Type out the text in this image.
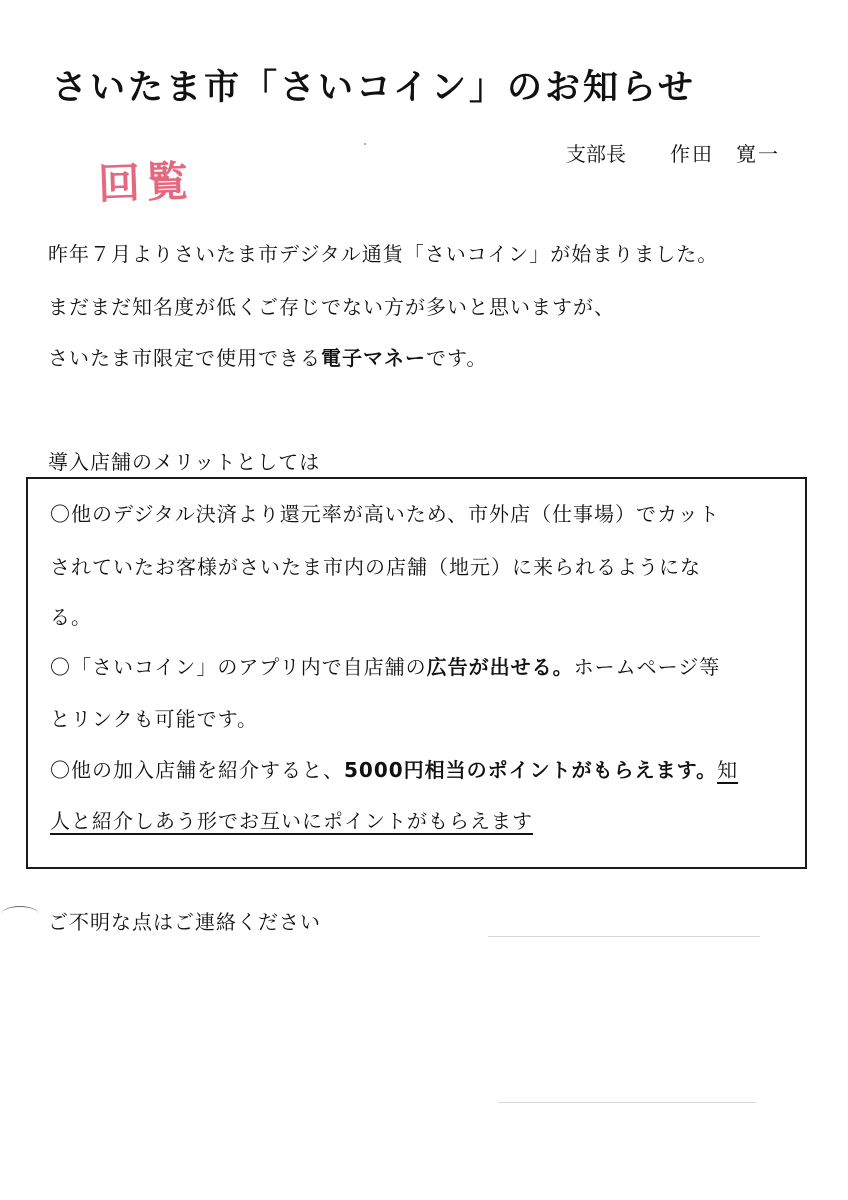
さいたま市「さいコイン」のお知らせ
支部長 作田　寛一
回覧
昨年７月よりさいたま市デジタル通貨「さいコイン」が始まりました。
まだまだ知名度が低くご存じでない方が多いと思いますが、
さいたま市限定で使用できる電子マネーです。
導入店舗のメリットとしては
〇他のデジタル決済より還元率が高いため、市外店（仕事場）でカット
されていたお客様がさいたま市内の店舗（地元）に来られるようにな
る。
〇「さいコイン」のアプリ内で自店舗の広告が出せる。ホームページ等
とリンクも可能です。
〇他の加入店舗を紹介すると、5000円相当のポイントがもらえます。知
人と紹介しあう形でお互いにポイントがもらえます
ご不明な点はご連絡ください
